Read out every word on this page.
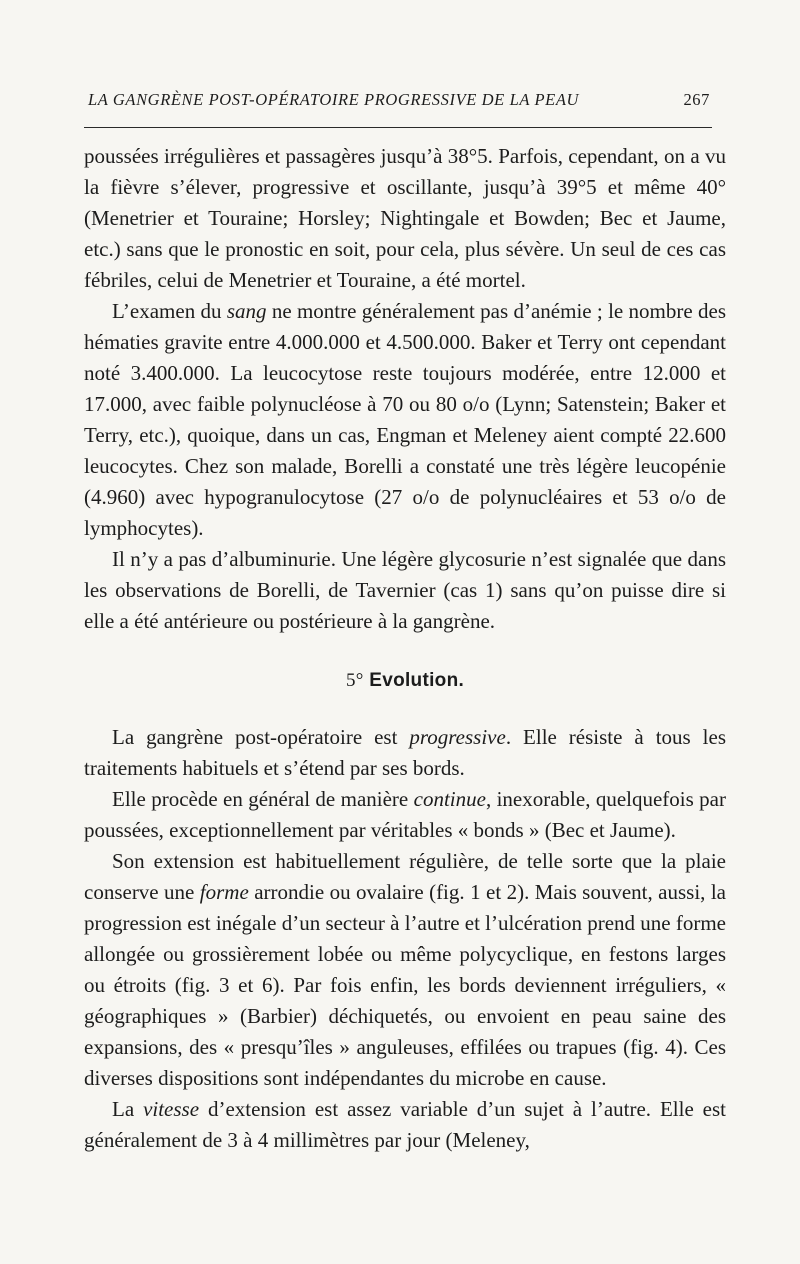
LA GANGRÈNE POST-OPÉRATOIRE PROGRESSIVE DE LA PEAU	267

poussées irrégulières et passagères jusqu’à 38°5. Parfois, cependant, on a vu la fièvre s’élever, progressive et oscillante, jusqu’à 39°5 et même 40° (Menetrier et Touraine; Horsley; Nightingale et Bowden; Bec et Jaume, etc.) sans que le pronostic en soit, pour cela, plus sévère. Un seul de ces cas fébriles, celui de Menetrier et Touraine, a été mortel.

L’examen du sang ne montre généralement pas d’anémie ; le nombre des hématies gravite entre 4.000.000 et 4.500.000. Baker et Terry ont cependant noté 3.400.000. La leucocytose reste toujours modérée, entre 12.000 et 17.000, avec faible polynucléose à 70 ou 80 o/o (Lynn; Satenstein; Baker et Terry, etc.), quoique, dans un cas, Engman et Meleney aient compté 22.600 leucocytes. Chez son malade, Borelli a constaté une très légère leucopénie (4.960) avec hypogranulocytose (27 o/o de polynucléaires et 53 o/o de lymphocytes).

Il n’y a pas d’albuminurie. Une légère glycosurie n’est signalée que dans les observations de Borelli, de Tavernier (cas 1) sans qu’on puisse dire si elle a été antérieure ou postérieure à la gangrène.

5° Evolution.

La gangrène post-opératoire est progressive. Elle résiste à tous les traitements habituels et s’étend par ses bords.

Elle procède en général de manière continue, inexorable, quelquefois par poussées, exceptionnellement par véritables « bonds » (Bec et Jaume).

Son extension est habituellement régulière, de telle sorte que la plaie conserve une forme arrondie ou ovalaire (fig. 1 et 2). Mais souvent, aussi, la progression est inégale d’un secteur à l’autre et l’ulcération prend une forme allongée ou grossièrement lobée ou même polycyclique, en festons larges ou étroits (fig. 3 et 6). Par fois enfin, les bords deviennent irréguliers, « géographiques » (Barbier) déchiquetés, ou envoient en peau saine des expansions, des « presqu’îles » anguleuses, effilées ou trapues (fig. 4). Ces diverses dispositions sont indépendantes du microbe en cause.

La vitesse d’extension est assez variable d’un sujet à l’autre. Elle est généralement de 3 à 4 millimètres par jour (Meleney,
